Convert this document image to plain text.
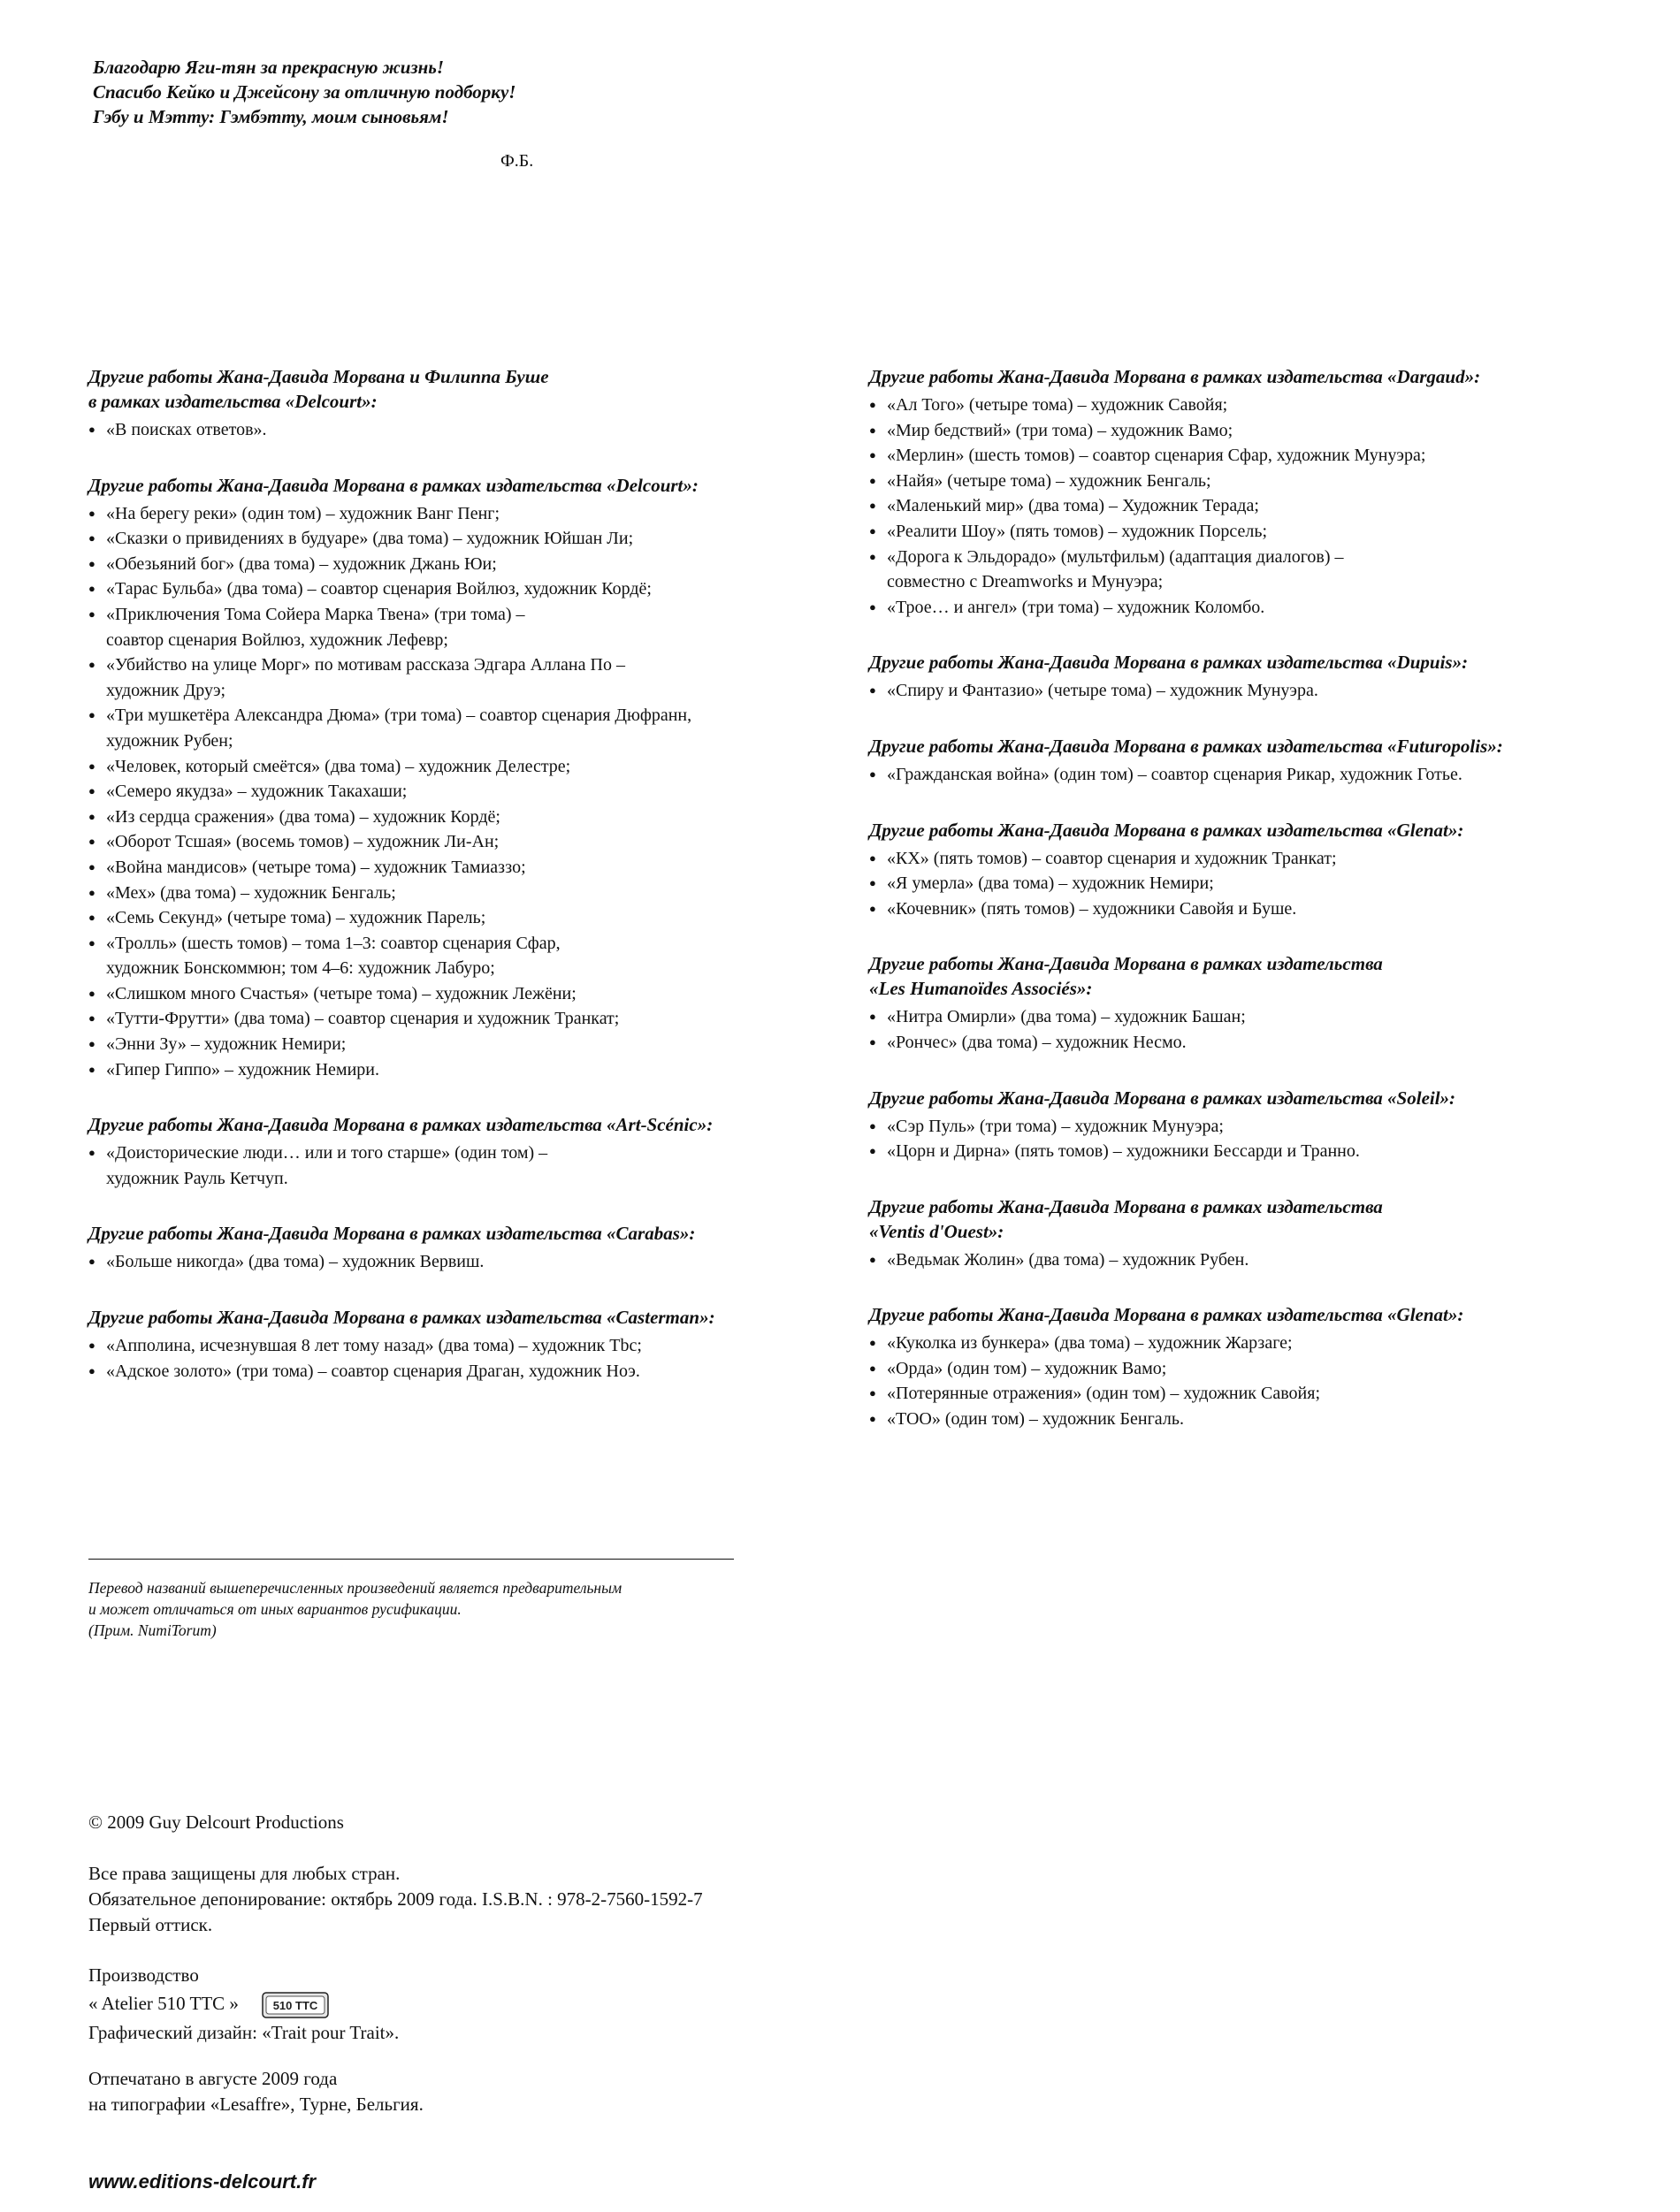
Благодарю Яги-тян за прекрасную жизнь!
Спасибо Кейко и Джейсону за отличную подборку!
Гэбу и Мэтту: Гэмбэтту, моим сыновьям!
Ф.Б.
Другие работы Жана-Давида Морвана и Филиппа Буше
в рамках издательства «Delcourt»:
● «В поисках ответов».
Другие работы Жана-Давида Морвана в рамках издательства «Delcourt»:
● «На берегу реки» (один том) – художник Ванг Пенг;
● «Сказки о привидениях в будуаре» (два тома) – художник Юйшан Ли;
● «Обезьяний бог» (два тома) – художник Джань Юи;
● «Тарас Бульба» (два тома) – соавтор сценария Войлюз, художник Кордё;
● «Приключения Тома Сойера Марка Твена» (три тома) –
соавтор сценария Войлюз, художник Лефевр;
● «Убийство на улице Морг» по мотивам рассказа Эдгара Аллана По –
художник Друэ;
● «Три мушкетёра Александра Дюма» (три тома) – соавтор сценария Дюфранн,
художник Рубен;
● «Человек, который смеётся» (два тома) – художник Делестре;
● «Семеро якудза» – художник Такахаши;
● «Из сердца сражения» (два тома) – художник Кордё;
● «Оборот Тсшая» (восемь томов) – художник Ли-Ан;
● «Война мандисов» (четыре тома) – художник Тамиаззо;
● «Мех» (два тома) – художник Бенгаль;
● «Семь Секунд» (четыре тома) – художник Парель;
● «Тролль» (шесть томов) – тома 1–3: соавтор сценария Сфар,
художник Бонскоммюн; том 4–6: художник Лабуро;
● «Слишком много Счастья» (четыре тома) – художник Лежёни;
● «Тутти-Фрутти» (два тома) – соавтор сценария и художник Транкат;
● «Энни Зу» – художник Немири;
● «Гипер Гиппо» – художник Немири.
Другие работы Жана-Давида Морвана в рамках издательства «Art-Scénic»:
● «Доисторические люди… или и того старше» (один том) –
художник Рауль Кетчуп.
Другие работы Жана-Давида Морвана в рамках издательства «Carabas»:
● «Больше никогда» (два тома) – художник Вервиш.
Другие работы Жана-Давида Морвана в рамках издательства «Casterman»:
● «Апполина, исчезнувшая 8 лет тому назад» (два тома) – художник Tbc;
● «Адское золото» (три тома) – соавтор сценария Драган, художник Ноэ.
Другие работы Жана-Давида Морвана в рамках издательства «Dargaud»:
● «Ал Того» (четыре тома) – художник Савойя;
● «Мир бедствий» (три тома) – художник Вамо;
● «Мерлин» (шесть томов) – соавтор сценария Сфар, художник Мунуэра;
● «Найя» (четыре тома) – художник Бенгаль;
● «Маленький мир» (два тома) – Художник Терада;
● «Реалити Шоу» (пять томов) – художник Порсель;
● «Дорога к Эльдорадо» (мультфильм) (адаптация диалогов) –
совместно с Dreamworks и Мунуэра;
● «Трое… и ангел» (три тома) – художник Коломбо.
Другие работы Жана-Давида Морвана в рамках издательства «Dupuis»:
● «Спиру и Фантазио» (четыре тома) – художник Мунуэра.
Другие работы Жана-Давида Морвана в рамках издательства «Futuropolis»:
● «Гражданская война» (один том) – соавтор сценария Рикар, художник Готье.
Другие работы Жана-Давида Морвана в рамках издательства «Glenat»:
● «КХ» (пять томов) – соавтор сценария и художник Транкат;
● «Я умерла» (два тома) – художник Немири;
● «Кочевник» (пять томов) – художники Савойя и Буше.
Другие работы Жана-Давида Морвана в рамках издательства
«Les Humanoïdes Associés»:
● «Нитра Омирли» (два тома) – художник Башан;
● «Рончес» (два тома) – художник Несмо.
Другие работы Жана-Давида Морвана в рамках издательства «Soleil»:
● «Сэр Пуль» (три тома) – художник Мунуэра;
● «Цорн и Дирна» (пять томов) – художники Бессарди и Транно.
Другие работы Жана-Давида Морвана в рамках издательства
«Ventis d'Ouest»:
● «Ведьмак Жолин» (два тома) – художник Рубен.
Другие работы Жана-Давида Морвана в рамках издательства «Glenat»:
● «Куколка из бункера» (два тома) – художник Жарзаге;
● «Орда» (один том) – художник Вамо;
● «Потерянные отражения» (один том) – художник Савойя;
● «ТОО» (один том) – художник Бенгаль.
Перевод названий вышеперечисленных произведений является предварительным
и может отличаться от иных вариантов русификации.
(Прим. NumiTorum)
© 2009 Guy Delcourt Productions
Все права защищены для любых стран.
Обязательное депонирование: октябрь 2009 года. I.S.B.N. : 978-2-7560-1592-7
Первый оттиск.
Производство
« Atelier 510 TTC »	510 TTC
Графический дизайн: «Trait pour Trait».
Отпечатано в августе 2009 года
на типографии «Lesaffre», Турне, Бельгия.
www.editions-delcourt.fr
